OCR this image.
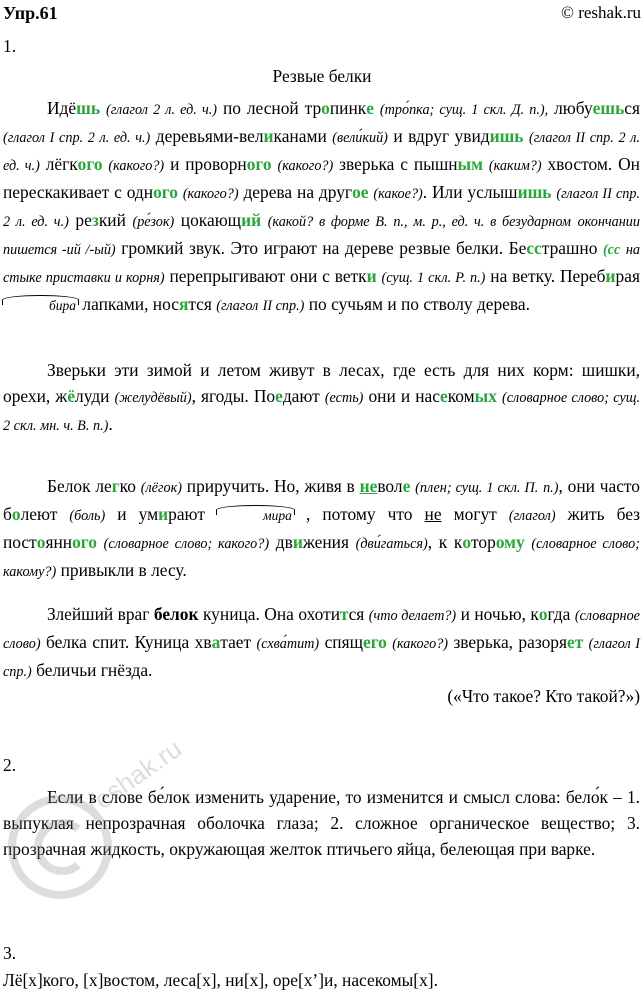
Упр.61	© reshak.ru
1.
Резвые белки

Идёшь (глагол 2 л. ед. ч.) по лесной тропинке (тро́пка; сущ. 1 скл. Д. п.), любуешься (глагол I спр. 2 л. ед. ч.) деревьями-великанами (вели́кий) и вдруг увидишь (глагол II спр. 2 л. ед. ч.) лёгкого (какого?) и проворного (какого?) зверька с пышным (каким?) хвостом. Он перескакивает с одного (какого?) дерева на другое (какое?). Или услышишь (глагол II спр. 2 л. ед. ч.) резкий (ре́зок) цокающий (какой? в форме В. п., м. р., ед. ч. в безударном окончании пишется -ий /-ый) громкий звук. Это играют на дереве резвые белки. Бесстрашно (сс на стыке приставки и корня) перепрыгивают они с ветки (сущ. 1 скл. Р. п.) на ветку. Перебирая бира лапками, носятся (глагол II спр.) по сучьям и по стволу дерева.

Зверьки эти зимой и летом живут в лесах, где есть для них корм: шишки, орехи, жёлуди (желудёвый), ягоды. Поедают (есть) они и насекомых (словарное слово; сущ. 2 скл. мн. ч. В. п.).

Белок легко (лёгок) приручить. Но, живя в неволе (плен; сущ. 1 скл. П. п.), они часто болеют (боль) и умирают	мира , потому что не могут (глагол) жить без постоянного (словарное слово; какого?) движения (дви́гаться), к которому (словарное слово; какому?) привыкли в лесу.

Злейший враг белок куница. Она охотится (что делает?) и ночью, когда (словарное слово) белка спит. Куница хватает (схва́тит) спящего (какого?) зверька, разоряет (глагол I спр.) беличьи гнёзда.

(«Что такое? Кто такой?»)
2.

Если в слове бе́лок изменить ударение, то изменится и смысл слова: бело́к – 1. выпуклая непрозрачная оболочка глаза; 2. сложное органическое вещество; 3. прозрачная жидкость, окружающая желток птичьего яйца, белеющая при варке.

3.

Лё[х]кого, [х]востом, леса[х], ни[х], оре[х’]и, насекомы[х].

reshak.ru
